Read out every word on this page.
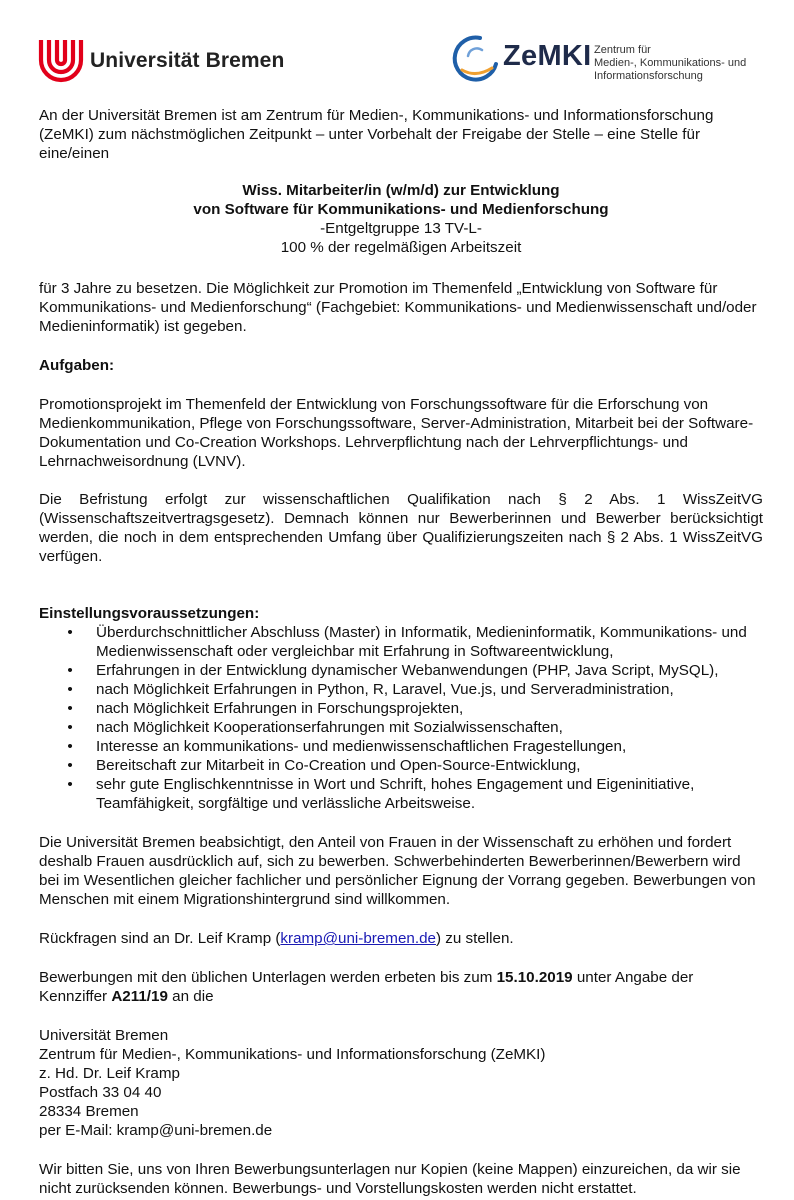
Universität Bremen	ZeMKI Zentrum für
Medien-, Kommunikations- und
Informationsforschung

An der Universität Bremen ist am Zentrum für Medien-, Kommunikations- und Informationsforschung (ZeMKI) zum nächstmöglichen Zeitpunkt – unter Vorbehalt der Freigabe der Stelle – eine Stelle für eine/einen

Wiss. Mitarbeiter/in (w/m/d) zur Entwicklung
von Software für Kommunikations- und Medienforschung
-Entgeltgruppe 13 TV-L-
100 % der regelmäßigen Arbeitszeit

für 3 Jahre zu besetzen. Die Möglichkeit zur Promotion im Themenfeld „Entwicklung von Software für Kommunikations- und Medienforschung“ (Fachgebiet: Kommunikations- und Medienwissenschaft und/oder Medieninformatik) ist gegeben.

Aufgaben:

Promotionsprojekt im Themenfeld der Entwicklung von Forschungssoftware für die Erforschung von Medienkommunikation, Pflege von Forschungssoftware, Server-Administration, Mitarbeit bei der Software-Dokumentation und Co-Creation Workshops. Lehrverpflichtung nach der Lehrverpflichtungs- und Lehrnachweisordnung (LVNV).

Die Befristung erfolgt zur wissenschaftlichen Qualifikation nach § 2 Abs. 1 WissZeitVG (Wissenschaftszeitvertragsgesetz). Demnach können nur Bewerberinnen und Bewerber berücksichtigt werden, die noch in dem entsprechenden Umfang über Qualifizierungszeiten nach § 2 Abs. 1 WissZeitVG verfügen.

Einstellungsvoraussetzungen:

• Überdurchschnittlicher Abschluss (Master) in Informatik, Medieninformatik, Kommunikations- und Medienwissenschaft oder vergleichbar mit Erfahrung in Softwareentwicklung,
• Erfahrungen in der Entwicklung dynamischer Webanwendungen (PHP, Java Script, MySQL),
• nach Möglichkeit Erfahrungen in Python, R, Laravel, Vue.js, und Serveradministration,
• nach Möglichkeit Erfahrungen in Forschungsprojekten,
• nach Möglichkeit Kooperationserfahrungen mit Sozialwissenschaften,
• Interesse an kommunikations- und medienwissenschaftlichen Fragestellungen,
• Bereitschaft zur Mitarbeit in Co-Creation und Open-Source-Entwicklung,
• sehr gute Englischkenntnisse in Wort und Schrift, hohes Engagement und Eigeninitiative, Teamfähigkeit, sorgfältige und verlässliche Arbeitsweise.

Die Universität Bremen beabsichtigt, den Anteil von Frauen in der Wissenschaft zu erhöhen und fordert deshalb Frauen ausdrücklich auf, sich zu bewerben. Schwerbehinderten Bewerberinnen/Bewerbern wird bei im Wesentlichen gleicher fachlicher und persönlicher Eignung der Vorrang gegeben. Bewerbungen von Menschen mit einem Migrationshintergrund sind willkommen.

Rückfragen sind an Dr. Leif Kramp (kramp@uni-bremen.de) zu stellen.

Bewerbungen mit den üblichen Unterlagen werden erbeten bis zum 15.10.2019 unter Angabe der Kennziffer A211/19 an die

Universität Bremen

Zentrum für Medien-, Kommunikations- und Informationsforschung (ZeMKI)

z. Hd. Dr. Leif Kramp

Postfach 33 04 40

28334 Bremen

per E-Mail: kramp@uni-bremen.de

Wir bitten Sie, uns von Ihren Bewerbungsunterlagen nur Kopien (keine Mappen) einzureichen, da wir sie nicht zurücksenden können. Bewerbungs- und Vorstellungskosten werden nicht erstattet.
